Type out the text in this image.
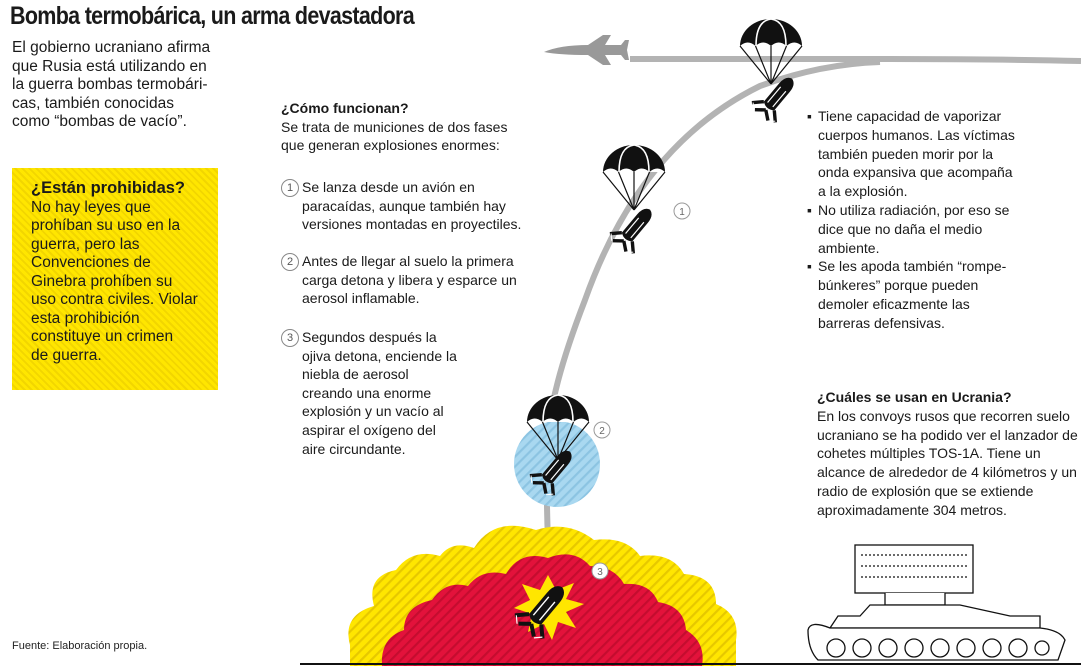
1
2
3
Bomba termobárica, un arma devastadora
El gobierno ucraniano afirma
que Rusia está utilizando en
la guerra bombas termobári-
cas, también conocidas
como “bombas de vacío”.
¿Están prohibidas?
No hay leyes que
prohíban su uso en la
guerra, pero las
Convenciones de
Ginebra prohíben su
uso contra civiles. Violar
esta prohibición
constituye un crimen
de guerra.
¿Cómo funcionan?
Se trata de municiones de dos fases
que generan explosiones enormes:
1 Se lanza desde un avión en
paracaídas, aunque también hay
versiones montadas en proyectiles.
2 Antes de llegar al suelo la primera
carga detona y libera y esparce un
aerosol inflamable.
3 Segundos después la
ojiva detona, enciende la
niebla de aerosol
creando una enorme
explosión y un vacío al
aspirar el oxígeno del
aire circundante.
▪ Tiene capacidad de vaporizar
cuerpos humanos. Las víctimas
también pueden morir por la
onda expansiva que acompaña
a la explosión.
▪ No utiliza radiación, por eso se
dice que no daña el medio
ambiente.
▪ Se les apoda también “rompe-
búnkeres” porque pueden
demoler eficazmente las
barreras defensivas.
¿Cuáles se usan en Ucrania?
En los convoys rusos que recorren suelo
ucraniano se ha podido ver el lanzador de
cohetes múltiples TOS-1A. Tiene un
alcance de alrededor de 4 kilómetros y un
radio de explosión que se extiende
aproximadamente 304 metros.
Fuente: Elaboración propia.
